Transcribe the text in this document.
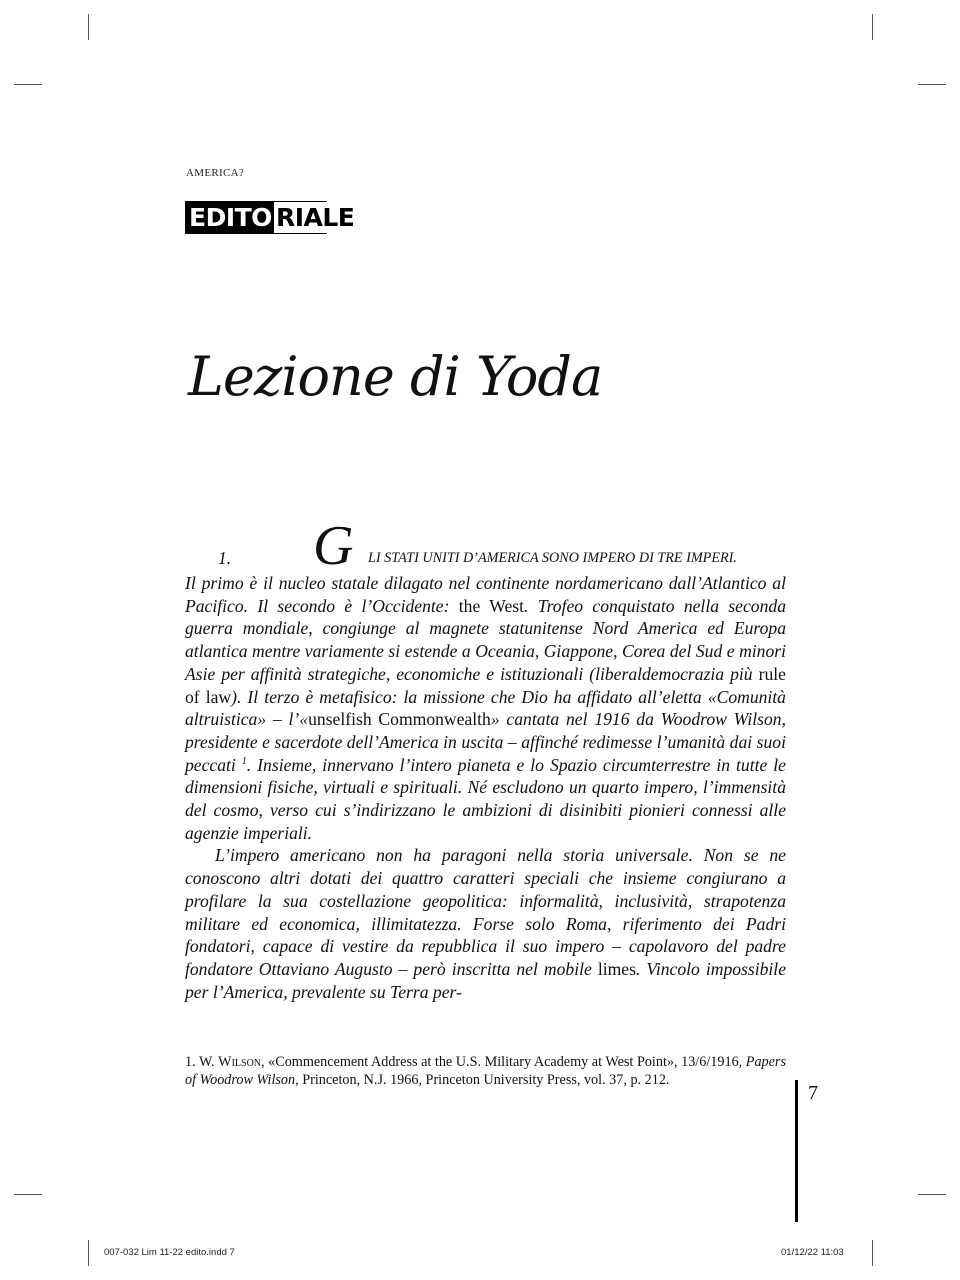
AMERICA?
EDITO RIALE
Lezione di Yoda
1. G LI STATI UNITI D’AMERICA SONO IMPERO DI TRE IMPERI.

Il primo è il nucleo statale dilagato nel continente nordamericano dall’Atlantico al Pacifico. Il secondo è l’Occidente: the West. Trofeo conquistato nella seconda guerra mondiale, congiunge al magnete statunitense Nord America ed Europa atlantica mentre variamente si estende a Oceania, Giappone, Corea del Sud e minori Asie per affinità strategiche, economiche e istituzionali (liberaldemocrazia più rule of law). Il terzo è metafisico: la missione che Dio ha affidato all’eletta «Comunità altruistica» – l’«unselfish Commonwealth» cantata nel 1916 da Woodrow Wilson, presidente e sacerdote dell’America in uscita – affinché redimesse l’umanità dai suoi peccati $^1$. Insieme, innervano l’intero pianeta e lo Spazio circumterrestre in tutte le dimensioni fisiche, virtuali e spirituali. Né escludono un quarto impero, l’immensità del cosmo, verso cui s’indirizzano le ambizioni di disinibiti pionieri connessi alle agenzie imperiali.

L’impero americano non ha paragoni nella storia universale. Non se ne conoscono altri dotati dei quattro caratteri speciali che insieme congiurano a profilare la sua costellazione geopolitica: informalità, inclusività, strapotenza militare ed economica, illimitatezza. Forse solo Roma, riferimento dei Padri fondatori, capace di vestire da repubblica il suo impero – capolavoro del padre fondatore Ottaviano Augusto – però inscritta nel mobile limes. Vincolo impossibile per l’America, prevalente su Terra per-

1. W. Wilson, «Commencement Address at the U.S. Military Academy at West Point», 13/6/1916, Papers of Woodrow Wilson, Princeton, N.J. 1966, Princeton University Press, vol. 37, p. 212.
7
007-032 Lim 11-22 edito.indd 7	01/12/22 11:03
